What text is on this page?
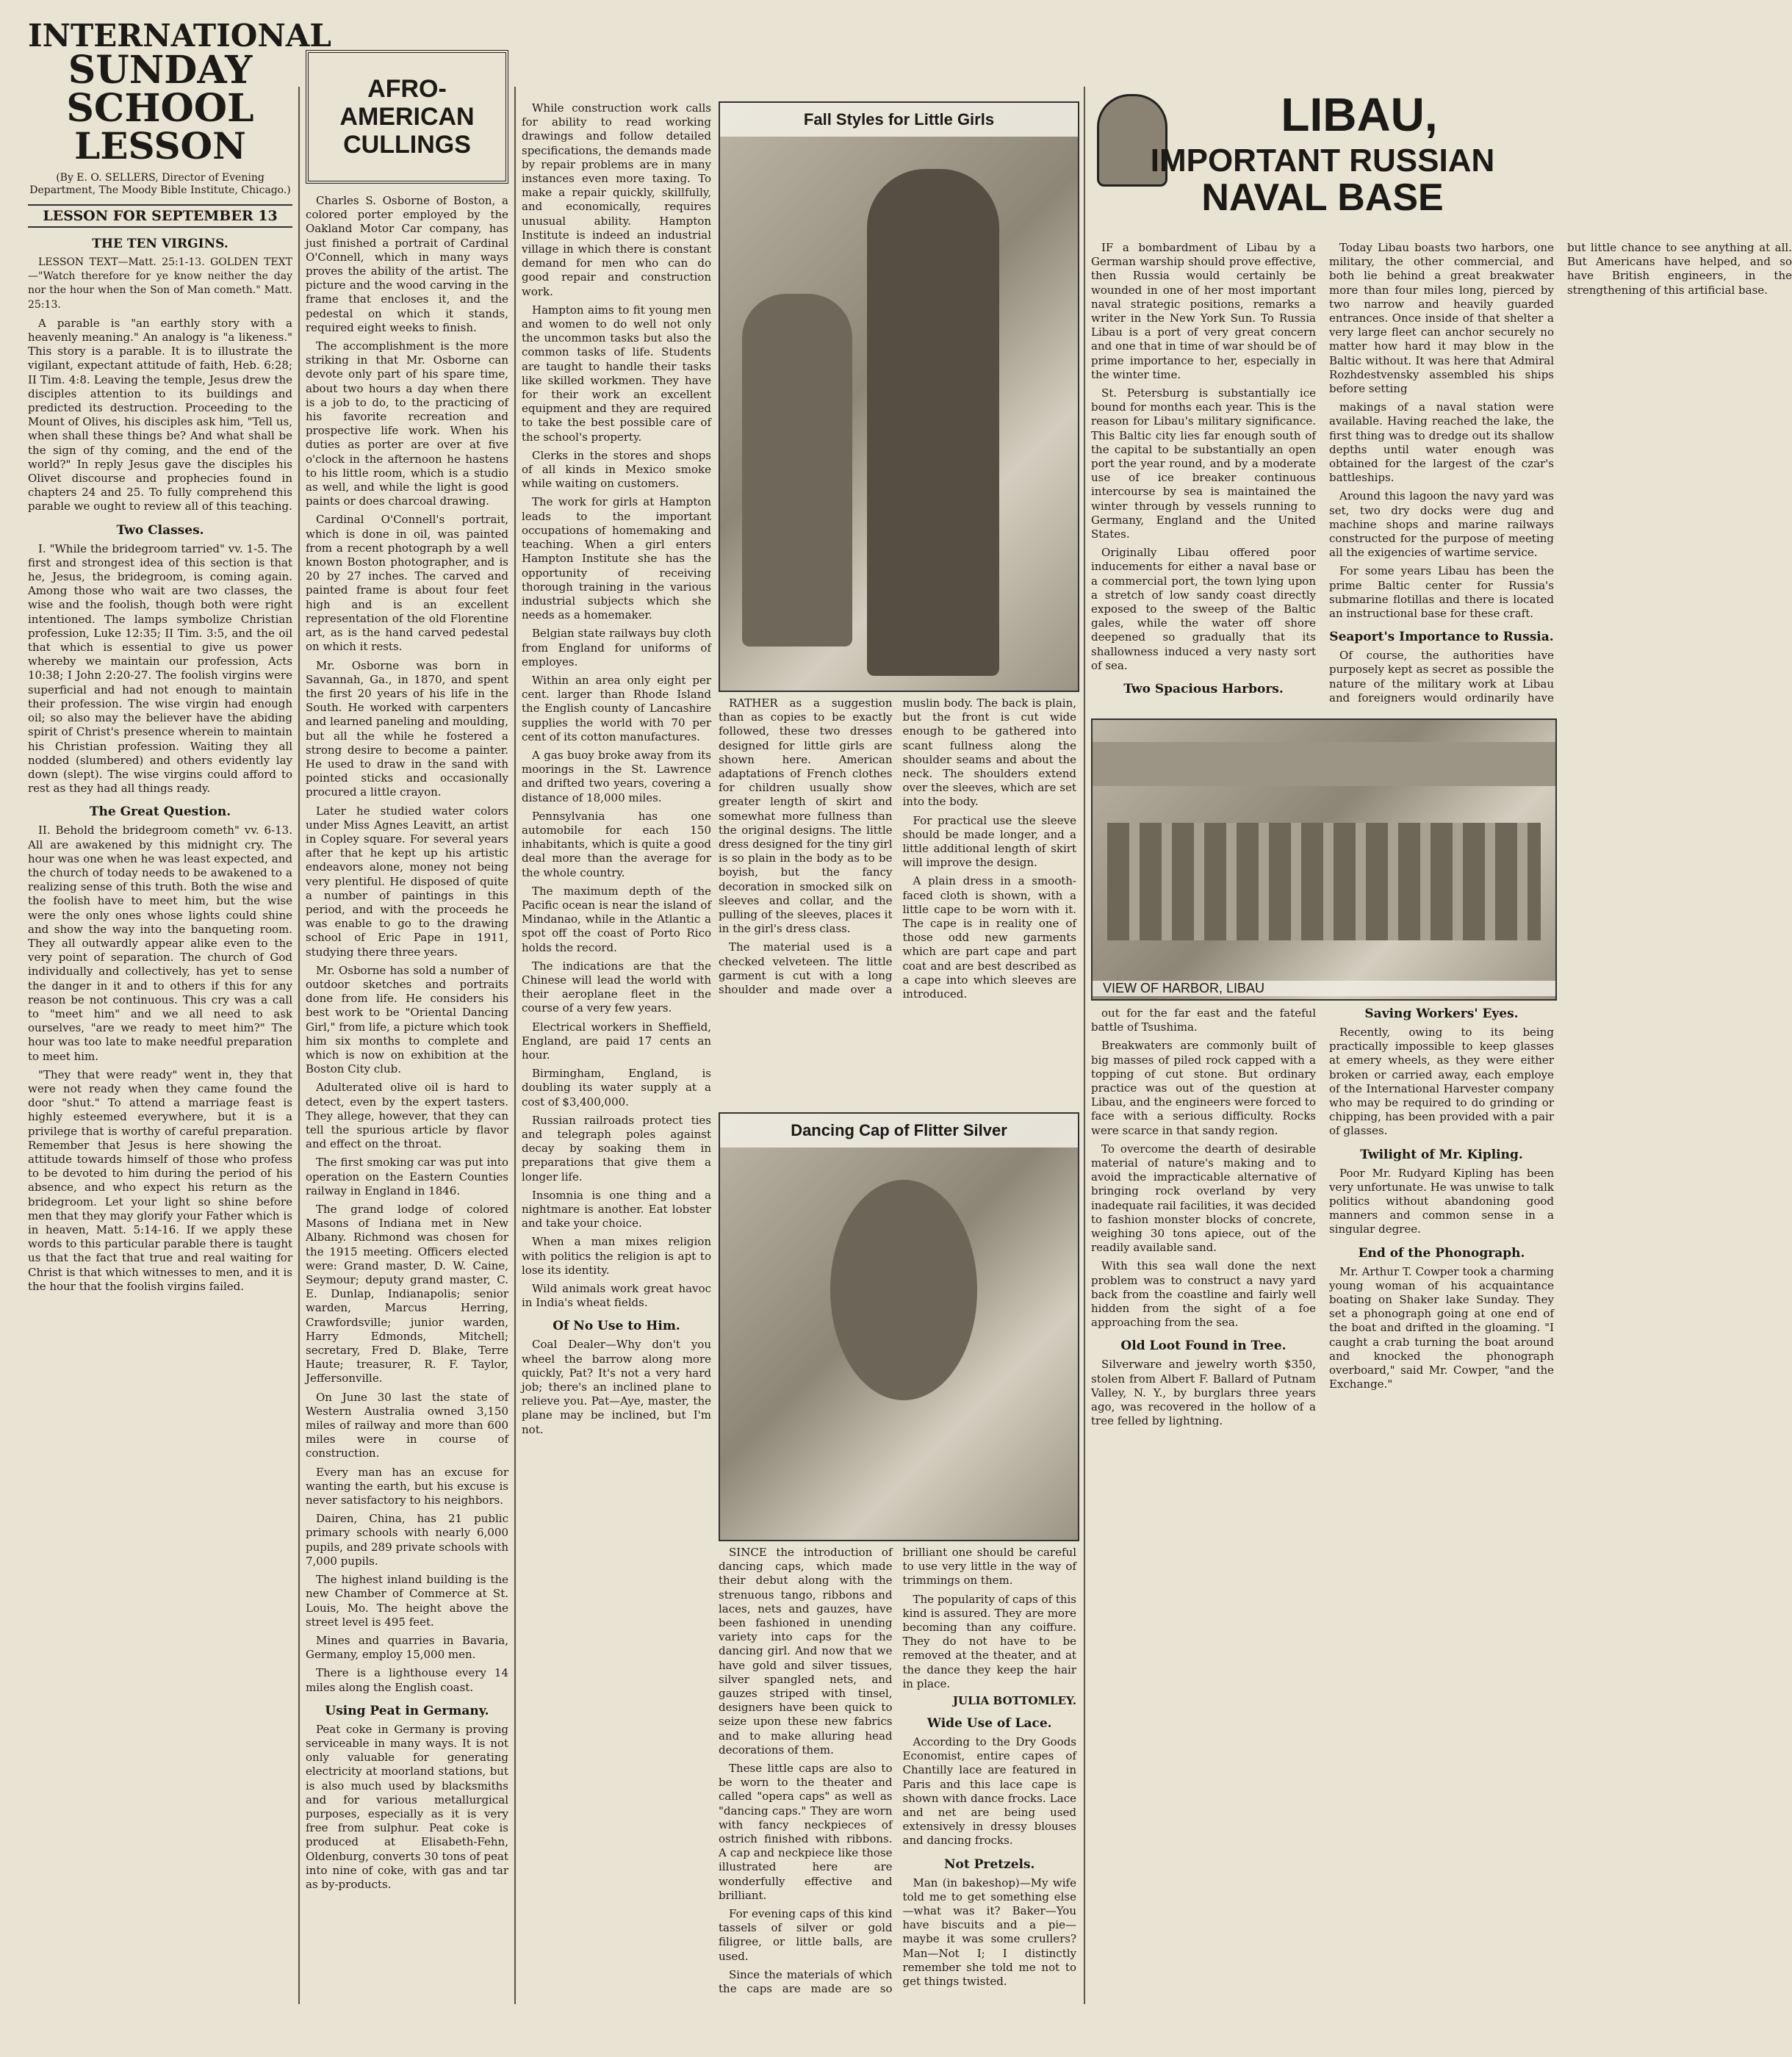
INTERNATIONAL
SUNDAY SCHOOL
LESSON

(By E. O. SELLERS, Director of Evening Department, The Moody Bible Institute, Chicago.)

LESSON FOR SEPTEMBER 13
THE TEN VIRGINS.

LESSON TEXT—Matt. 25:1-13. GOLDEN TEXT—"Watch therefore for ye know neither the day nor the hour when the Son of Man cometh." Matt. 25:13.

A parable is "an earthly story with a heavenly meaning." An analogy is "a likeness." This story is a parable. It is to illustrate the vigilant, expectant attitude of faith, Heb. 6:28; II Tim. 4:8. Leaving the temple, Jesus drew the disciples attention to its buildings and predicted its destruction. Proceeding to the Mount of Olives, his disciples ask him, "Tell us, when shall these things be? And what shall be the sign of thy coming, and the end of the world?" In reply Jesus gave the disciples his Olivet discourse and prophecies found in chapters 24 and 25. To fully comprehend this parable we ought to review all of this teaching.

Two Classes.

I. "While the bridegroom tarried" vv. 1-5. The first and strongest idea of this section is that he, Jesus, the bridegroom, is coming again. Among those who wait are two classes, the wise and the foolish, though both were right intentioned. The lamps symbolize Christian profession, Luke 12:35; II Tim. 3:5, and the oil that which is essential to give us power whereby we maintain our profession, Acts 10:38; I John 2:20-27. The foolish virgins were superficial and had not enough to maintain their profession. The wise virgin had enough oil; so also may the believer have the abiding spirit of Christ's presence wherein to maintain his Christian profession. Waiting they all nodded (slumbered) and others evidently lay down (slept). The wise virgins could afford to rest as they had all things ready.

The Great Question.

II. Behold the bridegroom cometh" vv. 6-13. All are awakened by this midnight cry. The hour was one when he was least expected, and the church of today needs to be awakened to a realizing sense of this truth. Both the wise and the foolish have to meet him, but the wise were the only ones whose lights could shine and show the way into the banqueting room. They all outwardly appear alike even to the very point of separation. The church of God individually and collectively, has yet to sense the danger in it and to others if this for any reason be not continuous. This cry was a call to "meet him" and we all need to ask ourselves, "are we ready to meet him?" The hour was too late to make needful preparation to meet him.

"They that were ready" went in, they that were not ready when they came found the door "shut." To attend a marriage feast is highly esteemed everywhere, but it is a privilege that is worthy of careful preparation. Remember that Jesus is here showing the attitude towards himself of those who profess to be devoted to him during the period of his absence, and who expect his return as the bridegroom. Let your light so shine before men that they may glorify your Father which is in heaven, Matt. 5:14-16. If we apply these words to this particular parable there is taught us that the fact that true and real waiting for Christ is that which witnesses to men, and it is the hour that the foolish virgins failed.

AFRO-AMERICAN CULLINGS

Charles S. Osborne of Boston, a colored porter employed by the Oakland Motor Car company, has just finished a portrait of Cardinal O'Connell, which in many ways proves the ability of the artist. The picture and the wood carving in the frame that encloses it, and the pedestal on which it stands, required eight weeks to finish.

The accomplishment is the more striking in that Mr. Osborne can devote only part of his spare time, about two hours a day when there is a job to do, to the practicing of his favorite recreation and prospective life work. When his duties as porter are over at five o'clock in the afternoon he hastens to his little room, which is a studio as well, and while the light is good paints or does charcoal drawing.

Cardinal O'Connell's portrait, which is done in oil, was painted from a recent photograph by a well known Boston photographer, and is 20 by 27 inches. The carved and painted frame is about four feet high and is an excellent representation of the old Florentine art, as is the hand carved pedestal on which it rests.

Mr. Osborne was born in Savannah, Ga., in 1870, and spent the first 20 years of his life in the South. He worked with carpenters and learned paneling and moulding, but all the while he fostered a strong desire to become a painter. He used to draw in the sand with pointed sticks and occasionally procured a little crayon.

Later he studied water colors under Miss Agnes Leavitt, an artist in Copley square. For several years after that he kept up his artistic endeavors alone, money not being very plentiful. He disposed of quite a number of paintings in this period, and with the proceeds he was enable to go to the drawing school of Eric Pape in 1911, studying there three years.

Mr. Osborne has sold a number of outdoor sketches and portraits done from life. He considers his best work to be "Oriental Dancing Girl," from life, a picture which took him six months to complete and which is now on exhibition at the Boston City club.

Adulterated olive oil is hard to detect, even by the expert tasters. They allege, however, that they can tell the spurious article by flavor and effect on the throat.

The first smoking car was put into operation on the Eastern Counties railway in England in 1846.

The grand lodge of colored Masons of Indiana met in New Albany. Richmond was chosen for the 1915 meeting. Officers elected were: Grand master, D. W. Caine, Seymour; deputy grand master, C. E. Dunlap, Indianapolis; senior warden, Marcus Herring, Crawfordsville; junior warden, Harry Edmonds, Mitchell; secretary, Fred D. Blake, Terre Haute; treasurer, R. F. Taylor, Jeffersonville.

On June 30 last the state of Western Australia owned 3,150 miles of railway and more than 600 miles were in course of construction.

Every man has an excuse for wanting the earth, but his excuse is never satisfactory to his neighbors.

Dairen, China, has 21 public primary schools with nearly 6,000 pupils, and 289 private schools with 7,000 pupils.

The highest inland building is the new Chamber of Commerce at St. Louis, Mo. The height above the street level is 495 feet.

Mines and quarries in Bavaria, Germany, employ 15,000 men.

There is a lighthouse every 14 miles along the English coast.

Using Peat in Germany.

Peat coke in Germany is proving serviceable in many ways. It is not only valuable for generating electricity at moorland stations, but is also much used by blacksmiths and for various metallurgical purposes, especially as it is very free from sulphur. Peat coke is produced at Elisabeth-Fehn, Oldenburg, converts 30 tons of peat into nine of coke, with gas and tar as by-products.

Fall Styles for Little Girls
Dancing Cap of Flitter Silver

While construction work calls for ability to read working drawings and follow detailed specifications, the demands made by repair problems are in many instances even more taxing. To make a repair quickly, skillfully, and economically, requires unusual ability. Hampton Institute is indeed an industrial village in which there is constant demand for men who can do good repair and construction work.

Hampton aims to fit young men and women to do well not only the uncommon tasks but also the common tasks of life. Students are taught to handle their tasks like skilled workmen. They have for their work an excellent equipment and they are required to take the best possible care of the school's property.

Clerks in the stores and shops of all kinds in Mexico smoke while waiting on customers.

The work for girls at Hampton leads to the important occupations of homemaking and teaching. When a girl enters Hampton Institute she has the opportunity of receiving thorough training in the various industrial subjects which she needs as a homemaker.

Belgian state railways buy cloth from England for uniforms of employes.

Within an area only eight per cent. larger than Rhode Island the English county of Lancashire supplies the world with 70 per cent of its cotton manufactures.

A gas buoy broke away from its moorings in the St. Lawrence and drifted two years, covering a distance of 18,000 miles.

Pennsylvania has one automobile for each 150 inhabitants, which is quite a good deal more than the average for the whole country.

The maximum depth of the Pacific ocean is near the island of Mindanao, while in the Atlantic a spot off the coast of Porto Rico holds the record.

The indications are that the Chinese will lead the world with their aeroplane fleet in the course of a very few years.

Electrical workers in Sheffield, England, are paid 17 cents an hour.

Birmingham, England, is doubling its water supply at a cost of $3,400,000.

Russian railroads protect ties and telegraph poles against decay by soaking them in preparations that give them a longer life.

Insomnia is one thing and a nightmare is another. Eat lobster and take your choice.

When a man mixes religion with politics the religion is apt to lose its identity.

Wild animals work great havoc in India's wheat fields.

Of No Use to Him.

Coal Dealer—Why don't you wheel the barrow along more quickly, Pat? It's not a very hard job; there's an inclined plane to relieve you. Pat—Aye, master, the plane may be inclined, but I'm not.

RATHER as a suggestion than as copies to be exactly followed, these two dresses designed for little girls are shown here. American adaptations of French clothes for children usually show greater length of skirt and somewhat more fullness than the original designs. The little dress designed for the tiny girl is so plain in the body as to be boyish, but the fancy decoration in smocked silk on sleeves and collar, and the pulling of the sleeves, places it in the girl's dress class.

The material used is a checked velveteen. The little garment is cut with a long shoulder and made over a muslin body. The back is plain, but the front is cut wide enough to be gathered into scant fullness along the shoulder seams and about the neck. The shoulders extend over the sleeves, which are set into the body.

For practical use the sleeve should be made longer, and a little additional length of skirt will improve the design.

A plain dress in a smooth-faced cloth is shown, with a little cape to be worn with it. The cape is in reality one of those odd new garments which are part cape and part coat and are best described as a cape into which sleeves are introduced.

SINCE the introduction of dancing caps, which made their debut along with the strenuous tango, ribbons and laces, nets and gauzes, have been fashioned in unending variety into caps for the dancing girl. And now that we have gold and silver tissues, silver spangled nets, and gauzes striped with tinsel, designers have been quick to seize upon these new fabrics and to make alluring head decorations of them.

These little caps are also to be worn to the theater and called "opera caps" as well as "dancing caps." They are worn with fancy neckpieces of ostrich finished with ribbons. A cap and neckpiece like those illustrated here are wonderfully effective and brilliant.

For evening caps of this kind tassels of silver or gold filigree, or little balls, are used.

Since the materials of which the caps are made are so brilliant one should be careful to use very little in the way of trimmings on them.

The popularity of caps of this kind is assured. They are more becoming than any coiffure. They do not have to be removed at the theater, and at the dance they keep the hair in place.

JULIA BOTTOMLEY.

Wide Use of Lace.

According to the Dry Goods Economist, entire capes of Chantilly lace are featured in Paris and this lace cape is shown with dance frocks. Lace and net are being used extensively in dressy blouses and dancing frocks.

Not Pretzels.

Man (in bakeshop)—My wife told me to get something else—what was it? Baker—You have biscuits and a pie—maybe it was some crullers? Man—Not I; I distinctly remember she told me not to get things twisted.

LIBAU,
IMPORTANT RUSSIAN
NAVAL BASE

IF a bombardment of Libau by a German warship should prove effective, then Russia would certainly be wounded in one of her most important naval strategic positions, remarks a writer in the New York Sun. To Russia Libau is a port of very great concern and one that in time of war should be of prime importance to her, especially in the winter time.

St. Petersburg is substantially ice bound for months each year. This is the reason for Libau's military significance. This Baltic city lies far enough south of the capital to be substantially an open port the year round, and by a moderate use of ice breaker continuous intercourse by sea is maintained the winter through by vessels running to Germany, England and the United States.

Originally Libau offered poor inducements for either a naval base or a commercial port, the town lying upon a stretch of low sandy coast directly exposed to the sweep of the Baltic gales, while the water off shore deepened so gradually that its shallowness induced a very nasty sort of sea.

Two Spacious Harbors.

Today Libau boasts two harbors, one military, the other commercial, and both lie behind a great breakwater more than four miles long, pierced by two narrow and heavily guarded entrances. Once inside of that shelter a very large fleet can anchor securely no matter how hard it may blow in the Baltic without. It was here that Admiral Rozhdestvensky assembled his ships before setting

makings of a naval station were available. Having reached the lake, the first thing was to dredge out its shallow depths until water enough was obtained for the largest of the czar's battleships.

Around this lagoon the navy yard was set, two dry docks were dug and machine shops and marine railways constructed for the purpose of meeting all the exigencies of wartime service.

For some years Libau has been the prime Baltic center for Russia's submarine flotillas and there is located an instructional base for these craft.

Seaport's Importance to Russia.

Of course, the authorities have purposely kept as secret as possible the nature of the military work at Libau and foreigners would ordinarily have but little chance to see anything at all. But Americans have helped, and so have British engineers, in the strengthening of this artificial base.

VIEW OF HARBOR, LIBAU

out for the far east and the fateful battle of Tsushima.

Breakwaters are commonly built of big masses of piled rock capped with a topping of cut stone. But ordinary practice was out of the question at Libau, and the engineers were forced to face with a serious difficulty. Rocks were scarce in that sandy region.

To overcome the dearth of desirable material of nature's making and to avoid the impracticable alternative of bringing rock overland by very inadequate rail facilities, it was decided to fashion monster blocks of concrete, weighing 30 tons apiece, out of the readily available sand.

With this sea wall done the next problem was to construct a navy yard back from the coastline and fairly well hidden from the sight of a foe approaching from the sea.

Old Loot Found in Tree.

Silverware and jewelry worth $350, stolen from Albert F. Ballard of Putnam Valley, N. Y., by burglars three years ago, was recovered in the hollow of a tree felled by lightning.

Saving Workers' Eyes.

Recently, owing to its being practically impossible to keep glasses at emery wheels, as they were either broken or carried away, each employe of the International Harvester company who may be required to do grinding or chipping, has been provided with a pair of glasses.

Twilight of Mr. Kipling.

Poor Mr. Rudyard Kipling has been very unfortunate. He was unwise to talk politics without abandoning good manners and common sense in a singular degree.

End of the Phonograph.

Mr. Arthur T. Cowper took a charming young woman of his acquaintance boating on Shaker lake Sunday. They set a phonograph going at one end of the boat and drifted in the gloaming. "I caught a crab turning the boat around and knocked the phonograph overboard," said Mr. Cowper, "and the Exchange."
